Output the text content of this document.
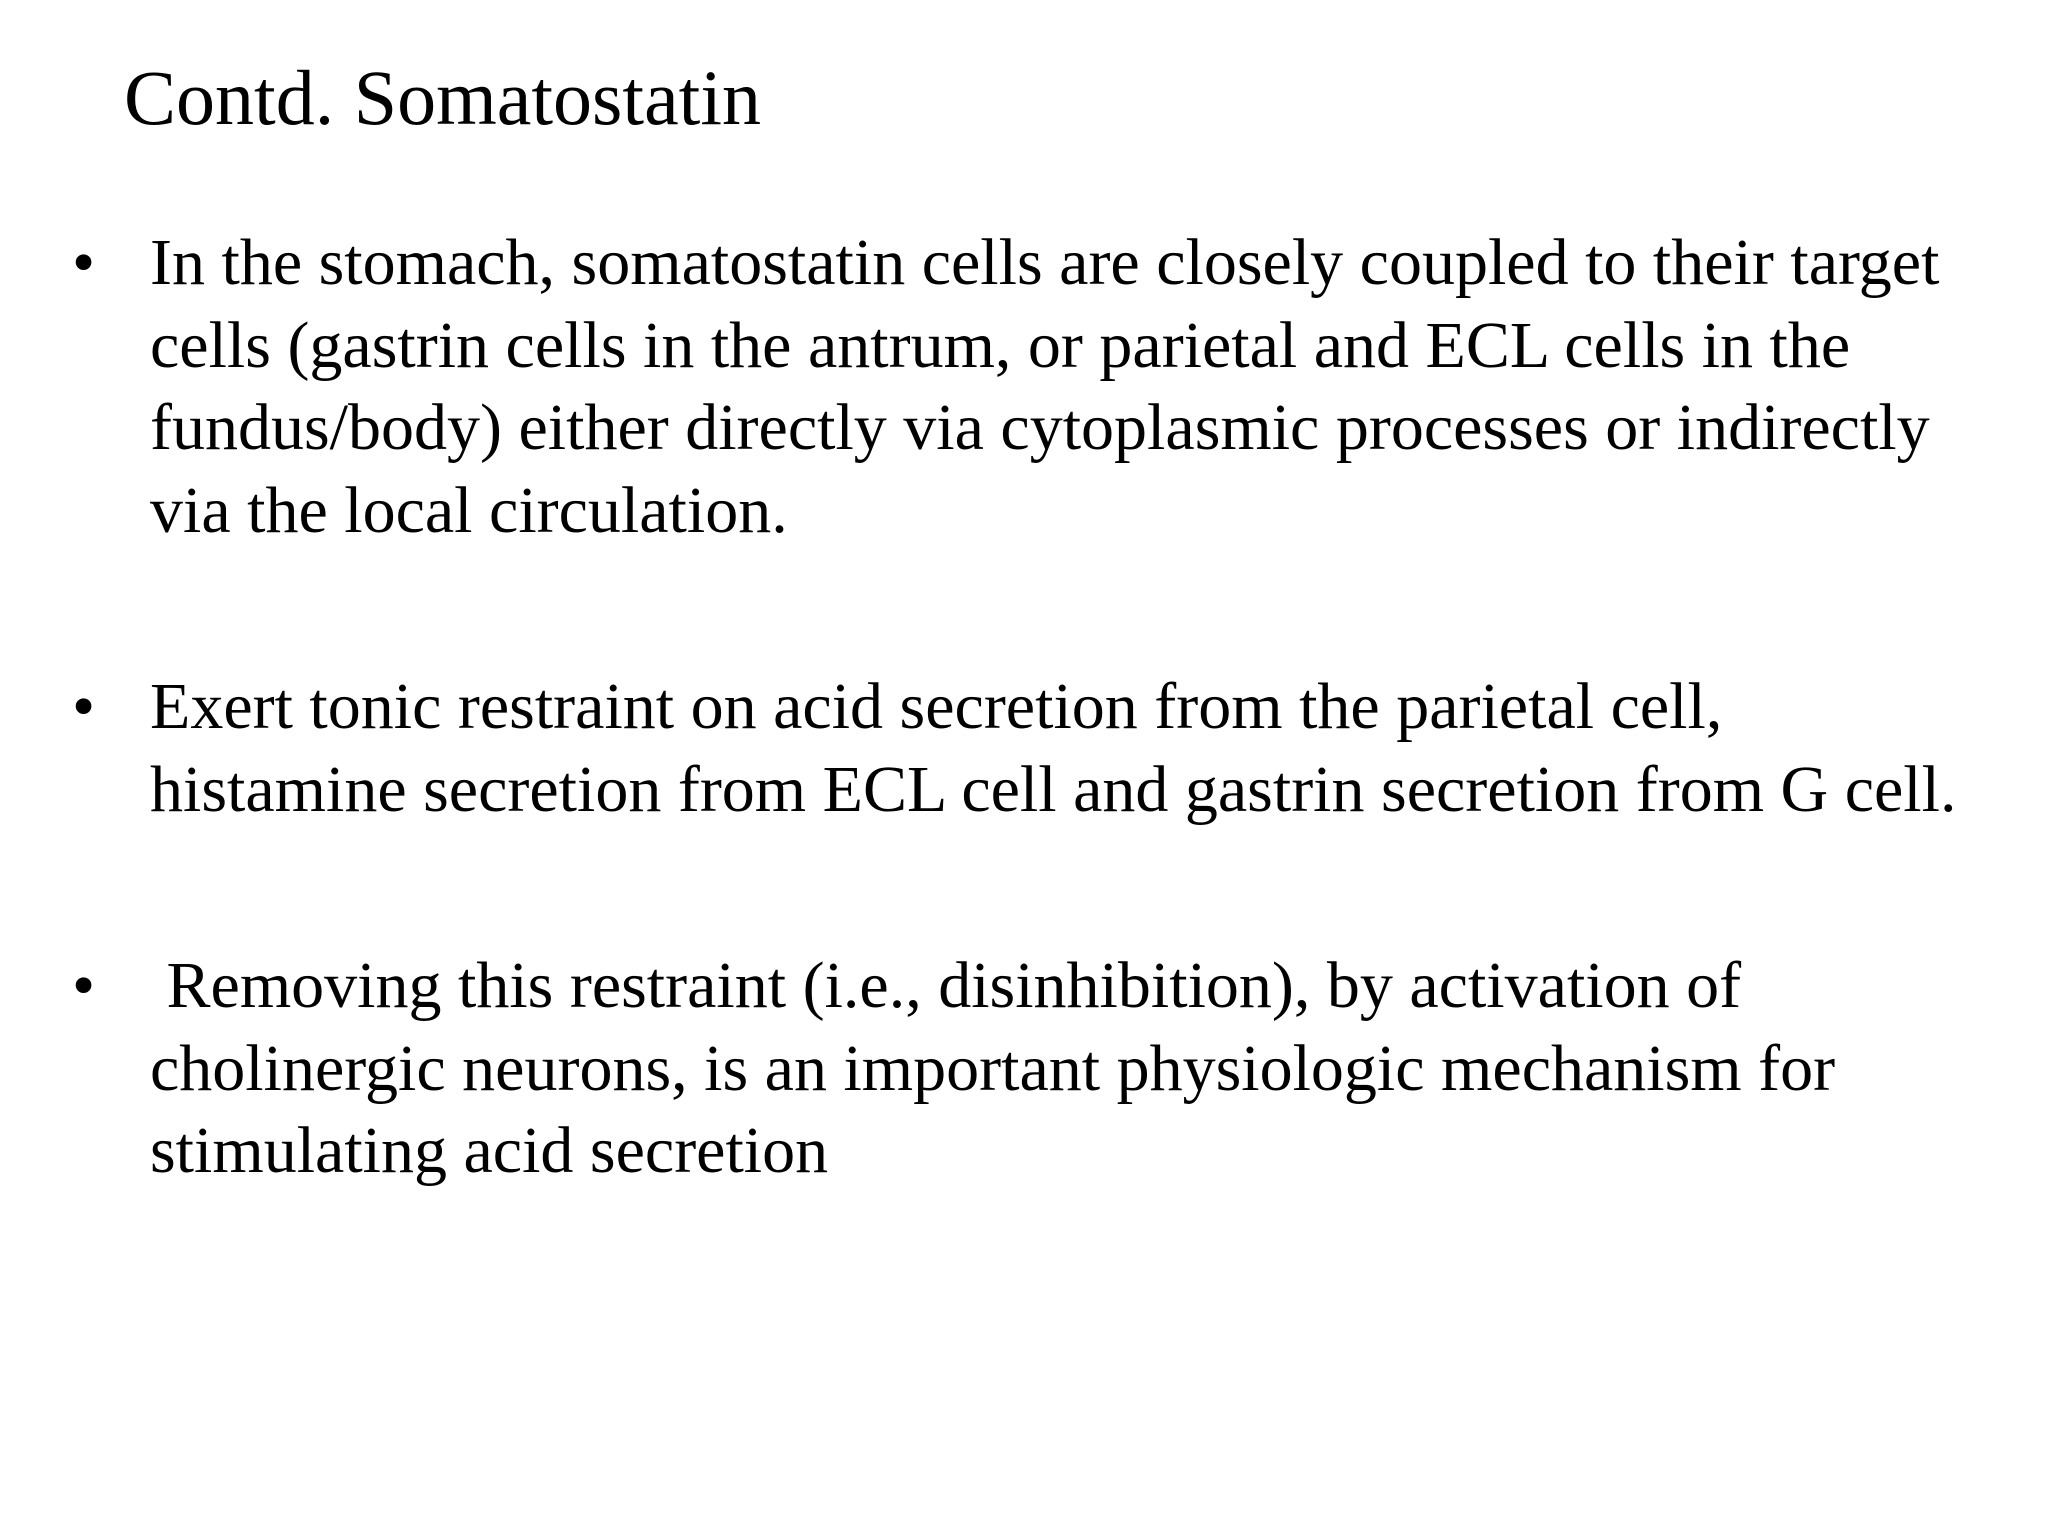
Contd. Somatostatin
• In the stomach, somatostatin cells are closely coupled to their target
cells (gastrin cells in the antrum, or parietal and ECL cells in the
fundus/body) either directly via cytoplasmic processes or indirectly
via the local circulation.

• Exert tonic restraint on acid secretion from the parietal cell,
histamine secretion from ECL cell and gastrin secretion from G cell.

• Removing this restraint (i.e., disinhibition), by activation of
cholinergic neurons, is an important physiologic mechanism for
stimulating acid secretion
